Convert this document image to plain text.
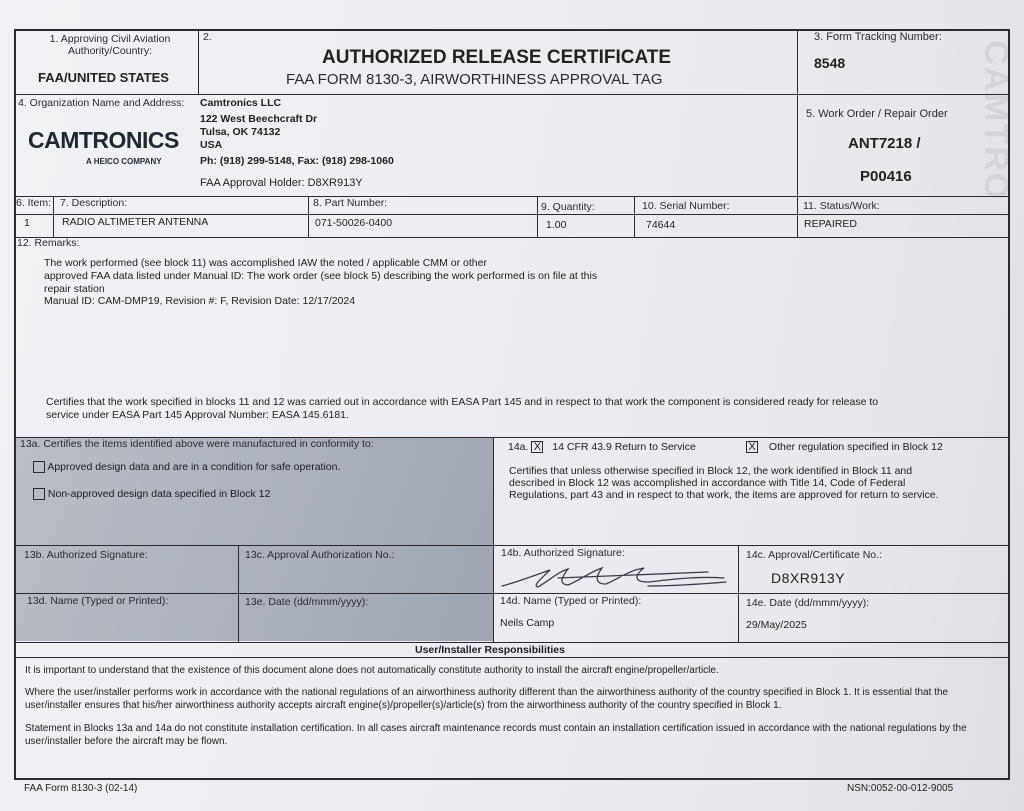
CAMTRO
1. Approving Civil Aviation Authority/Country:
FAA/UNITED STATES
2.
AUTHORIZED RELEASE CERTIFICATE
FAA FORM 8130-3, AIRWORTHINESS APPROVAL TAG
3. Form Tracking Number:
8548
4. Organization Name and Address:
CAMTRONICS
A HEICO COMPANY
Camtronics LLC
122 West Beechcraft Dr
Tulsa, OK 74132
USA
Ph: (918) 299-5148, Fax: (918) 298-1060
FAA Approval Holder: D8XR913Y
5. Work Order / Repair Order
ANT7218 /
P00416
6. Item: 7. Description:	8. Part Number:	9. Quantity:	10. Serial Number:	11. Status/Work:
1	RADIO ALTIMETER ANTENNA	071-50026-0400	1.00	74644	REPAIRED
12. Remarks:
The work performed (see block 11) was accomplished IAW the noted / applicable CMM or other
approved FAA data listed under Manual ID: The work order (see block 5) describing the work performed is on file at this
repair station
Manual ID: CAM-DMP19, Revision #: F, Revision Date: 12/17/2024
Certifies that the work specified in blocks 11 and 12 was carried out in accordance with EASA Part 145 and in respect to that work the component is considered ready for release to
service under EASA Part 145 Approval Number: EASA 145.6181.
13a. Certifies the items identified above were manufactured in conformity to:
Approved design data and are in a condition for safe operation.
Non-approved design data specified in Block 12
14a. X 14 CFR 43.9 Return to Service	X Other regulation specified in Block 12
Certifies that unless otherwise specified in Block 12, the work identified in Block 11 and
described in Block 12 was accomplished in accordance with Title 14, Code of Federal
Regulations, part 43 and in respect to that work, the items are approved for return to service.
13b. Authorized Signature:	13c. Approval Authorization No.:	14b. Authorized Signature:	14c. Approval/Certificate No.:
D8XR913Y
13d. Name (Typed or Printed):	13e. Date (dd/mmm/yyyy):	14d. Name (Typed or Printed):
Neils Camp
14e. Date (dd/mmm/yyyy):
29/May/2025
User/Installer Responsibilities
It is important to understand that the existence of this document alone does not automatically constitute authority to install the aircraft engine/propeller/article.
Where the user/installer performs work in accordance with the national regulations of an airworthiness authority different than the airworthiness authority of the country specified in Block 1. It is essential that the user/installer ensures that his/her airworthiness authority accepts aircraft engine(s)/propeller(s)/article(s) from the airworthiness authority of the country specified in Block 1.
Statement in Blocks 13a and 14a do not constitute installation certification. In all cases aircraft maintenance records must contain an installation certification issued in accordance with the national regulations by the user/installer before the aircraft may be flown.
FAA Form 8130-3 (02-14)	NSN:0052-00-012-9005
